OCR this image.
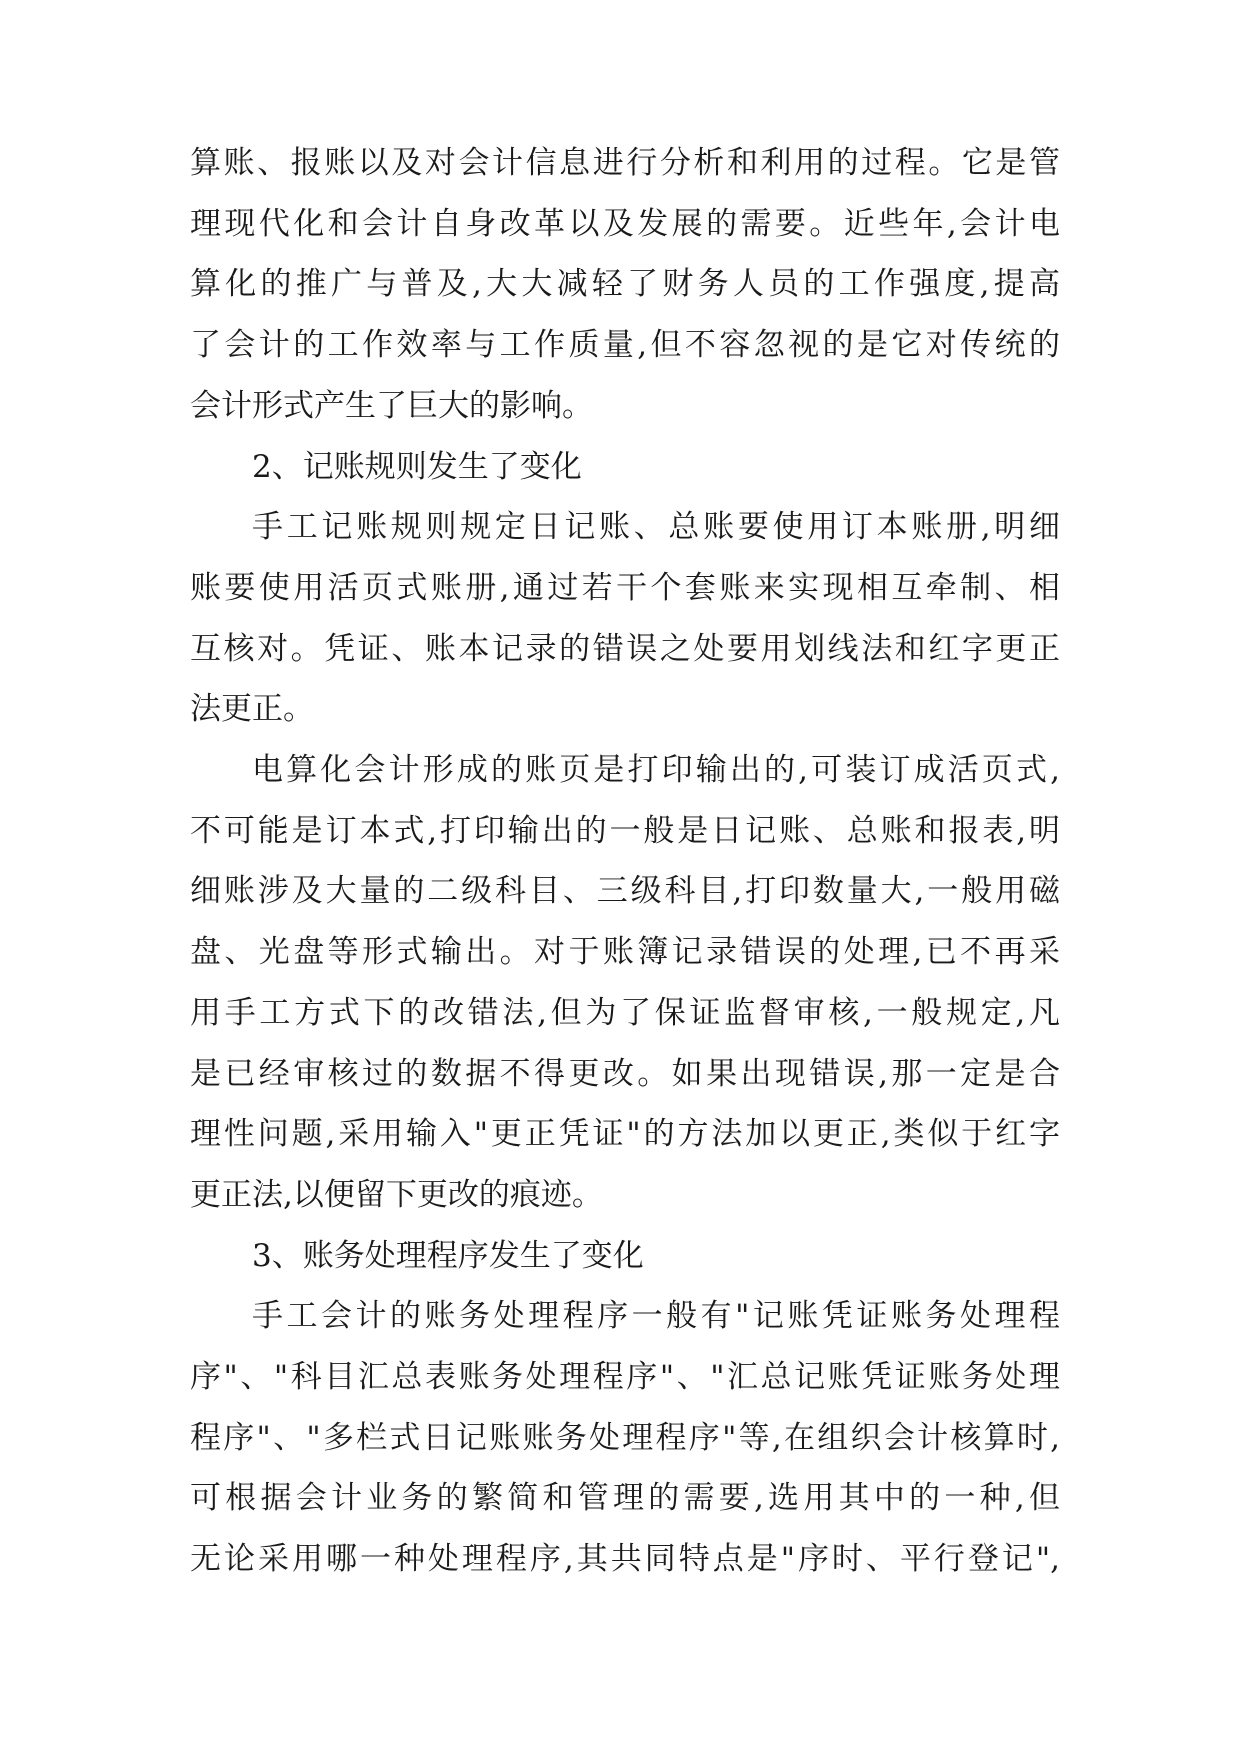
算账、报账以及对会计信息进行分析和利用的过程。它是管
理现代化和会计自身改革以及发展的需要。近些年,会计电
算化的推广与普及,大大减轻了财务人员的工作强度,提高
了会计的工作效率与工作质量,但不容忽视的是它对传统的
会计形式产生了巨大的影响。
2、记账规则发生了变化
手工记账规则规定日记账、总账要使用订本账册,明细
账要使用活页式账册,通过若干个套账来实现相互牵制、相
互核对。凭证、账本记录的错误之处要用划线法和红字更正
法更正。
电算化会计形成的账页是打印输出的,可装订成活页式,
不可能是订本式,打印输出的一般是日记账、总账和报表,明
细账涉及大量的二级科目、三级科目,打印数量大,一般用磁
盘、光盘等形式输出。对于账簿记录错误的处理,已不再采
用手工方式下的改错法,但为了保证监督审核,一般规定,凡
是已经审核过的数据不得更改。如果出现错误,那一定是合
理性问题,采用输入"更正凭证"的方法加以更正,类似于红字
更正法,以便留下更改的痕迹。
3、账务处理程序发生了变化
手工会计的账务处理程序一般有"记账凭证账务处理程
序"、"科目汇总表账务处理程序"、"汇总记账凭证账务处理
程序"、"多栏式日记账账务处理程序"等,在组织会计核算时,
可根据会计业务的繁简和管理的需要,选用其中的一种,但
无论采用哪一种处理程序,其共同特点是"序时、平行登记",
